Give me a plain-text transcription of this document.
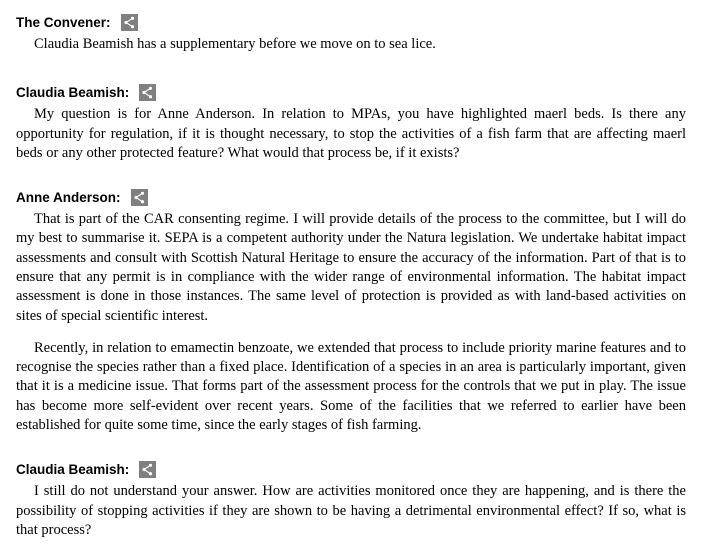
The Convener:

Claudia Beamish has a supplementary before we move on to sea lice.

Claudia Beamish:

My question is for Anne Anderson. In relation to MPAs, you have highlighted maerl beds. Is there any opportunity for regulation, if it is thought necessary, to stop the activities of a fish farm that are affecting maerl beds or any other protected feature? What would that process be, if it exists?

Anne Anderson:

That is part of the CAR consenting regime. I will provide details of the process to the committee, but I will do my best to summarise it. SEPA is a competent authority under the Natura legislation. We undertake habitat impact assessments and consult with Scottish Natural Heritage to ensure the accuracy of the information. Part of that is to ensure that any permit is in compliance with the wider range of environmental information. The habitat impact assessment is done in those instances. The same level of protection is provided as with land-based activities on sites of special scientific interest.

Recently, in relation to emamectin benzoate, we extended that process to include priority marine features and to recognise the species rather than a fixed place. Identification of a species in an area is particularly important, given that it is a medicine issue. That forms part of the assessment process for the controls that we put in play. The issue has become more self-evident over recent years. Some of the facilities that we referred to earlier have been established for quite some time, since the early stages of fish farming.

Claudia Beamish:

I still do not understand your answer. How are activities monitored once they are happening, and is there the possibility of stopping activities if they are shown to be having a detrimental environmental effect? If so, what is that process?
